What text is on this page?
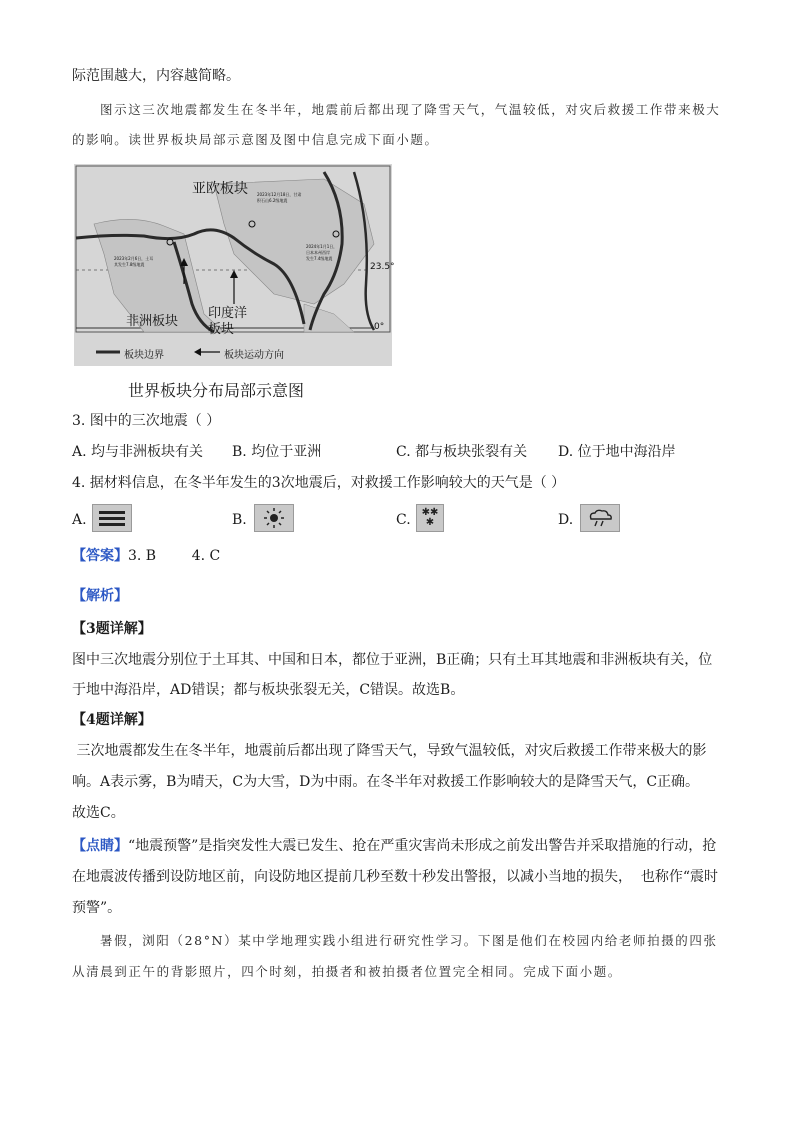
际范围越大，内容越简略。
图示这三次地震都发生在冬半年，地震前后都出现了降雪天气，气温较低，对灾后救援工作带来极大
的影响。读世界板块局部示意图及图中信息完成下面小题。
亚欧板块
非洲板块
印度洋
板块
23.5°
0°
板块边界	板块运动方向
2023年12月18日，甘肃
积石山6.2级地震
2024年1月1日，
日本本州西岸
发生7.4级地震
2023年2月6日，土耳
其发生7.8级地震
世界板块分布局部示意图
3. 图中的三次地震（ ）
A. 均与非洲板块有关 B. 均位于亚洲	C. 都与板块张裂有关 D. 位于地中海沿岸
4. 据材料信息，在冬半年发生的3次地震后，对救援工作影响较大的天气是（ ）
A.	B.	C. ✱✱
✱	D.
【答案】3. B        4. C
【解析】
【3题详解】
图中三次地震分别位于土耳其、中国和日本，都位于亚洲，B正确；只有土耳其地震和非洲板块有关，位
于地中海沿岸，AD错误；都与板块张裂无关，C错误。故选B。
【4题详解】
三次地震都发生在冬半年，地震前后都出现了降雪天气，导致气温较低，对灾后救援工作带来极大的影
响。A表示雾，B为晴天，C为大雪，D为中雨。在冬半年对救援工作影响较大的是降雪天气，C正确。
故选C。
【点睛】“地震预警”是指突发性大震已发生、抢在严重灾害尚未形成之前发出警告并采取措施的行动，抢
在地震波传播到设防地区前，向设防地区提前几秒至数十秒发出警报，以减小当地的损失，  也称作“震时
预警”。
暑假，浏阳（28°N）某中学地理实践小组进行研究性学习。下图是他们在校园内给老师拍摄的四张
从清晨到正午的背影照片，四个时刻，拍摄者和被拍摄者位置完全相同。完成下面小题。
